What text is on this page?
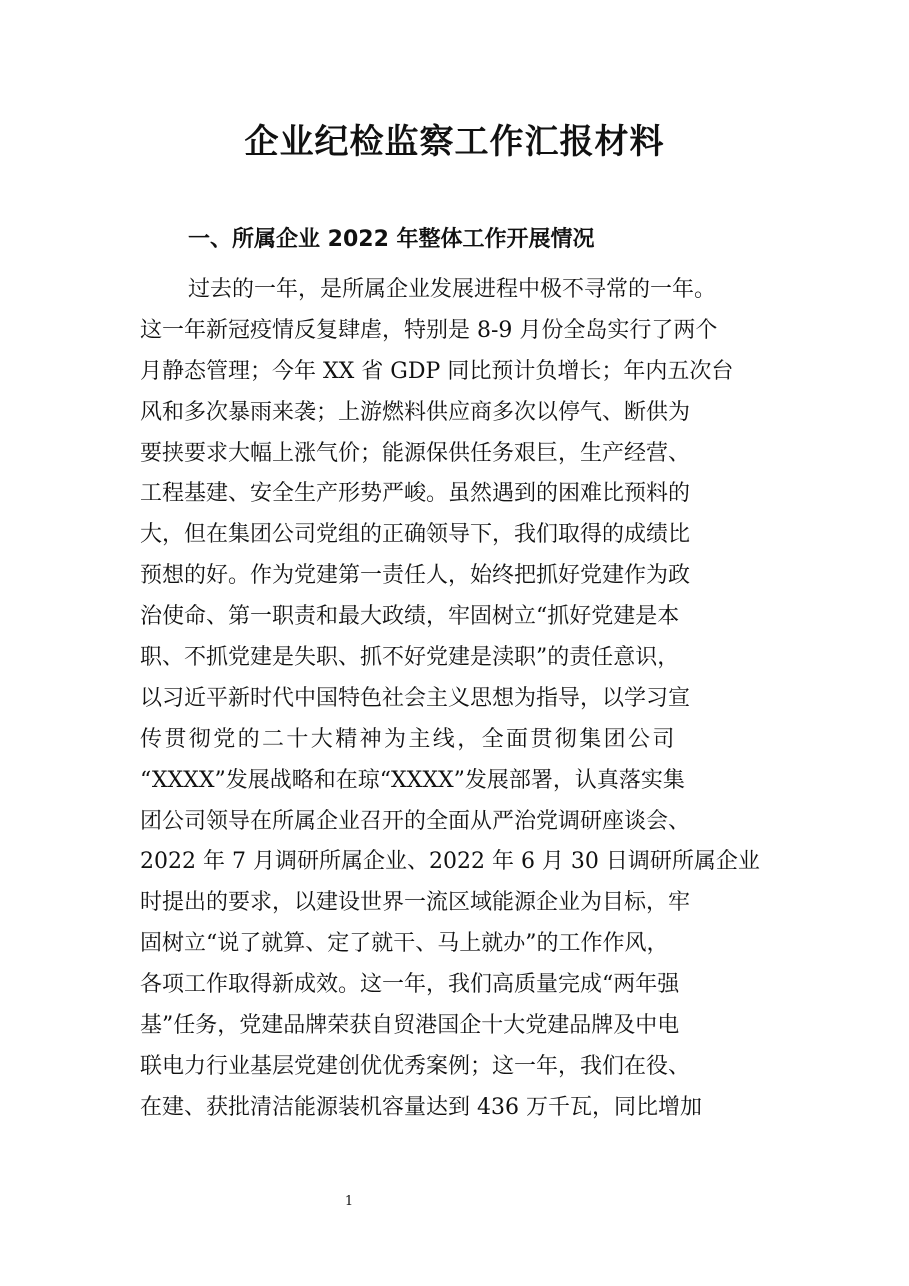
企业纪检监察工作汇报材料
一、所属企业 2022 年整体工作开展情况
过去的一年，是所属企业发展进程中极不寻常的一年。
这一年新冠疫情反复肆虐，特别是 8-9 月份全岛实行了两个
月静态管理；今年 XX 省 GDP 同比预计负增长；年内五次台
风和多次暴雨来袭；上游燃料供应商多次以停气、断供为
要挟要求大幅上涨气价；能源保供任务艰巨，生产经营、
工程基建、安全生产形势严峻。虽然遇到的困难比预料的
大，但在集团公司党组的正确领导下，我们取得的成绩比
预想的好。作为党建第一责任人，始终把抓好党建作为政
治使命、第一职责和最大政绩，牢固树立“抓好党建是本
职、不抓党建是失职、抓不好党建是渎职”的责任意识，
以习近平新时代中国特色社会主义思想为指导，以学习宣
传贯彻党的二十大精神为主线，全面贯彻集团公司
“XXXX”发展战略和在琼“XXXX”发展部署，认真落实集
团公司领导在所属企业召开的全面从严治党调研座谈会、
2022 年 7 月调研所属企业、2022 年 6 月 30 日调研所属企业
时提出的要求，以建设世界一流区域能源企业为目标，牢
固树立“说了就算、定了就干、马上就办”的工作作风，
各项工作取得新成效。这一年，我们高质量完成“两年强
基”任务，党建品牌荣获自贸港国企十大党建品牌及中电
联电力行业基层党建创优优秀案例；这一年，我们在役、
在建、获批清洁能源装机容量达到 436 万千瓦，同比增加
1
